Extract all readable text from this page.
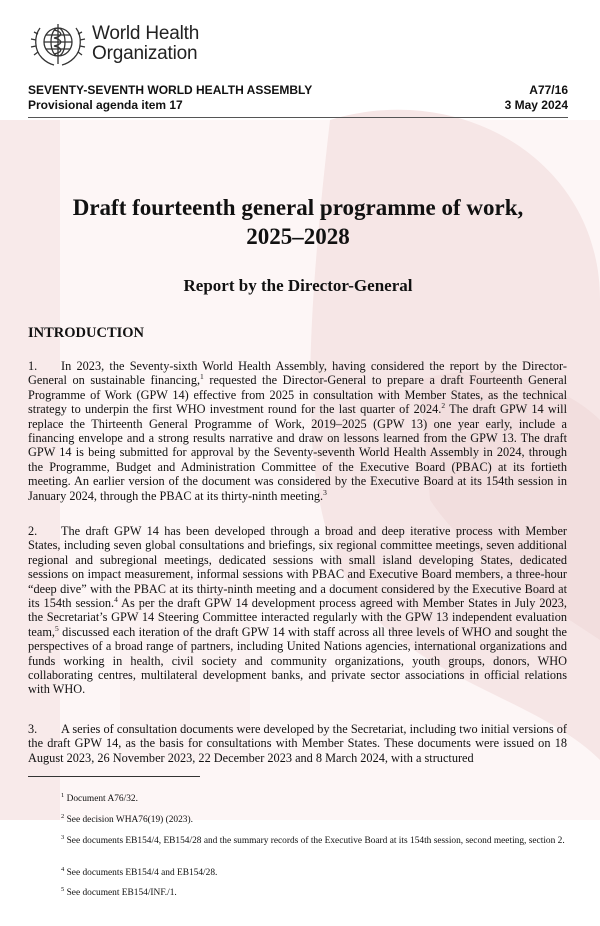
World Health
Organization
SEVENTY-SEVENTH WORLD HEALTH ASSEMBLY	A77/16
Provisional agenda item 17	3 May 2024
Draft fourteenth general programme of work,
2025–2028
Report by the Director-General
INTRODUCTION
1. In 2023, the Seventy-sixth World Health Assembly, having considered the report by the Director-General on sustainable financing,$^1$ requested the Director-General to prepare a draft Fourteenth General Programme of Work (GPW 14) effective from 2025 in consultation with Member States, as the technical strategy to underpin the first WHO investment round for the last quarter of 2024.$^2$ The draft GPW 14 will replace the Thirteenth General Programme of Work, 2019–2025 (GPW 13) one year early, include a financing envelope and a strong results narrative and draw on lessons learned from the GPW 13. The draft GPW 14 is being submitted for approval by the Seventy-seventh World Health Assembly in 2024, through the Programme, Budget and Administration Committee of the Executive Board (PBAC) at its fortieth meeting. An earlier version of the document was considered by the Executive Board at its 154th session in January 2024, through the PBAC at its thirty-ninth meeting.$^3$
2. The draft GPW 14 has been developed through a broad and deep iterative process with Member States, including seven global consultations and briefings, six regional committee meetings, seven additional regional and subregional meetings, dedicated sessions with small island developing States, dedicated sessions on impact measurement, informal sessions with PBAC and Executive Board members, a three-hour “deep dive” with the PBAC at its thirty-ninth meeting and a document considered by the Executive Board at its 154th session.$^4$ As per the draft GPW 14 development process agreed with Member States in July 2023, the Secretariat’s GPW 14 Steering Committee interacted regularly with the GPW 13 independent evaluation team,$^5$ discussed each iteration of the draft GPW 14 with staff across all three levels of WHO and sought the perspectives of a broad range of partners, including United Nations agencies, international organizations and funds working in health, civil society and community organizations, youth groups, donors, WHO collaborating centres, multilateral development banks, and private sector associations in official relations with WHO.
3. A series of consultation documents were developed by the Secretariat, including two initial versions of the draft GPW 14, as the basis for consultations with Member States. These documents were issued on 18 August 2023, 26 November 2023, 22 December 2023 and 8 March 2024, with a structured
$^1$ Document A76/32.
$^2$ See decision WHA76(19) (2023).
$^3$ See documents EB154/4, EB154/28 and the summary records of the Executive Board at its 154th session, second meeting, section 2.
$^4$ See documents EB154/4 and EB154/28.
$^5$ See document EB154/INF./1.
